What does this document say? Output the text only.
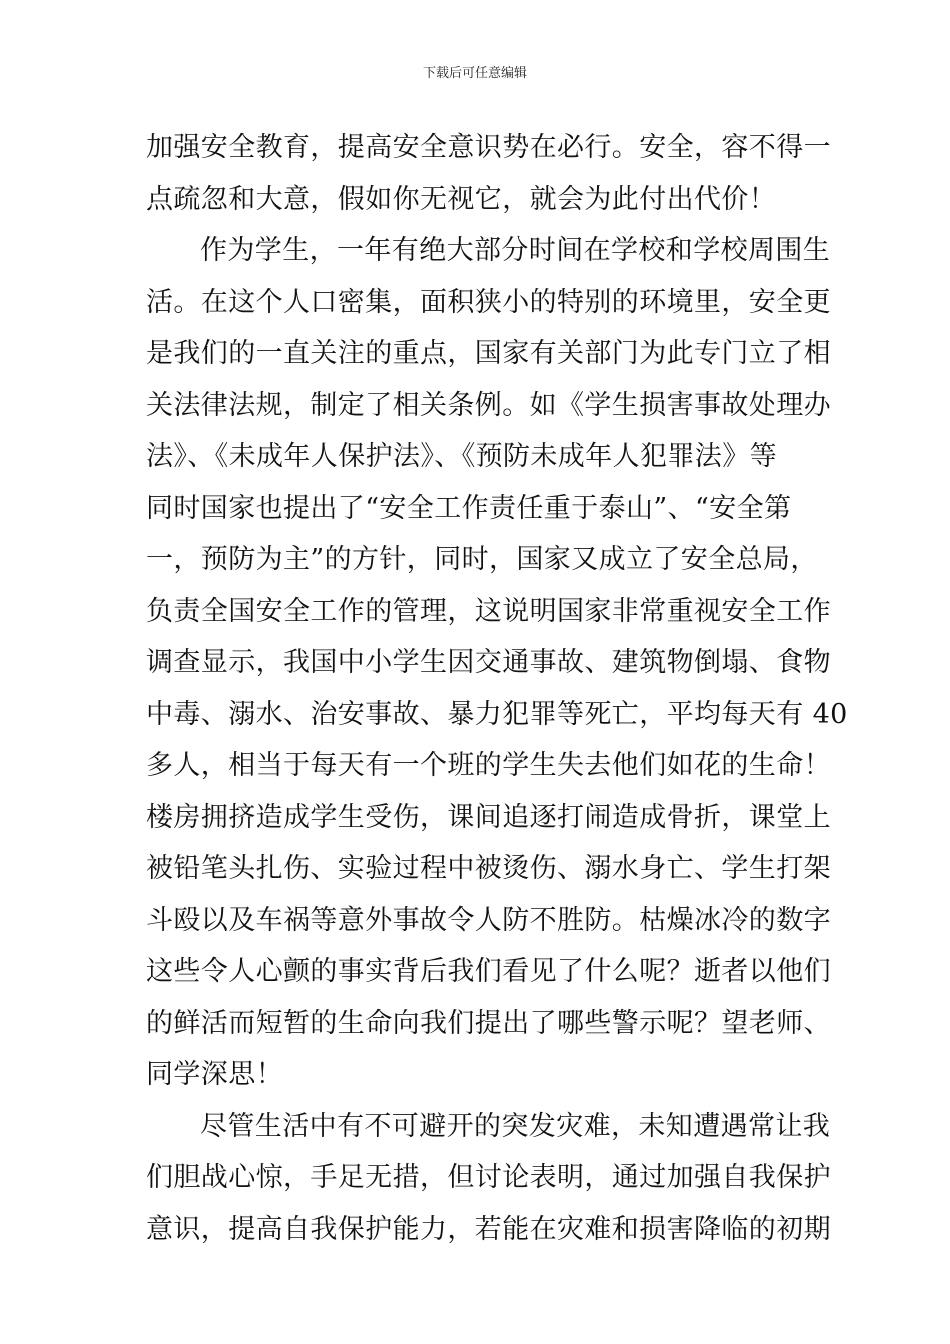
下载后可任意编辑
加强安全教育，提高安全意识势在必行。安全，容不得一
点疏忽和大意，假如你无视它，就会为此付出代价！
作为学生，一年有绝大部分时间在学校和学校周围生
活。在这个人口密集，面积狭小的特别的环境里，安全更
是我们的一直关注的重点，国家有关部门为此专门立了相
关法律法规，制定了相关条例。如《学生损害事故处理办
法》、《未成年人保护法》、《预防未成年人犯罪法》等
同时国家也提出了“安全工作责任重于泰山”、“安全第
一，预防为主”的方针，同时，国家又成立了安全总局，
负责全国安全工作的管理，这说明国家非常重视安全工作
调查显示，我国中小学生因交通事故、建筑物倒塌、食物
中毒、溺水、治安事故、暴力犯罪等死亡，平均每天有 40
多人，相当于每天有一个班的学生失去他们如花的生命！
楼房拥挤造成学生受伤，课间追逐打闹造成骨折，课堂上
被铅笔头扎伤、实验过程中被烫伤、溺水身亡、学生打架
斗殴以及车祸等意外事故令人防不胜防。枯燥冰冷的数字
这些令人心颤的事实背后我们看见了什么呢？逝者以他们
的鲜活而短暂的生命向我们提出了哪些警示呢？望老师、
同学深思！
尽管生活中有不可避开的突发灾难，未知遭遇常让我
们胆战心惊，手足无措，但讨论表明，通过加强自我保护
意识，提高自我保护能力，若能在灾难和损害降临的初期
